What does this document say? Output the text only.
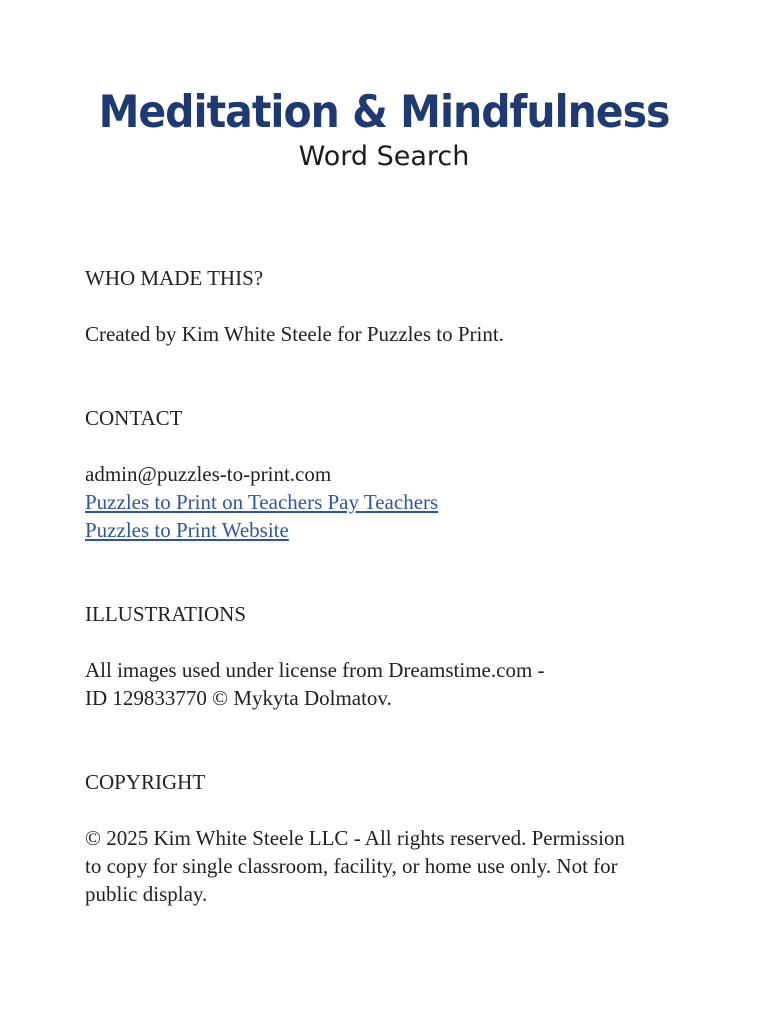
Meditation & Mindfulness
Word Search

WHO MADE THIS?

Created by Kim White Steele for Puzzles to Print.

CONTACT

admin@puzzles-to-print.com
Puzzles to Print on Teachers Pay Teachers
Puzzles to Print Website

ILLUSTRATIONS

All images used under license from Dreamstime.com -
ID 129833770 © Mykyta Dolmatov.

COPYRIGHT

© 2025 Kim White Steele LLC - All rights reserved. Permission
to copy for single classroom, facility, or home use only. Not for
public display.
